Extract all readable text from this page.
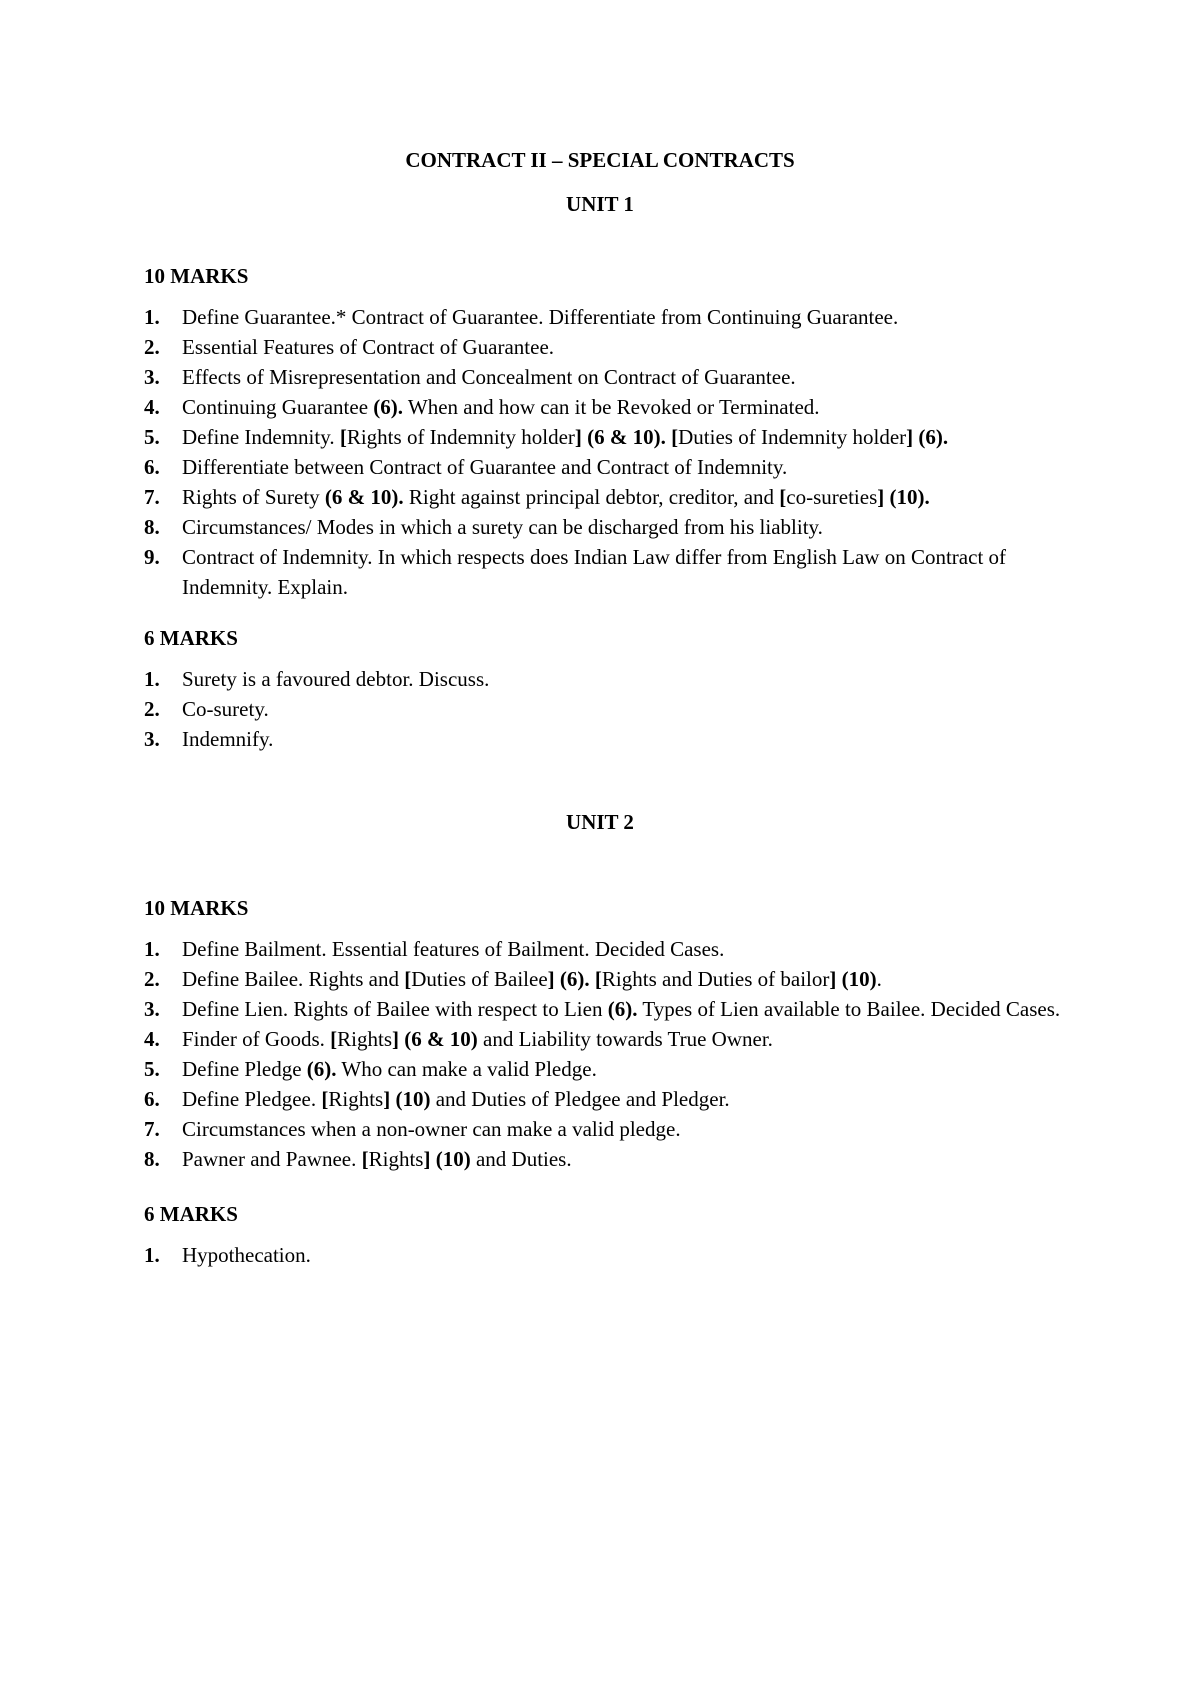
CONTRACT II – SPECIAL CONTRACTS
UNIT 1
10 MARKS
1. Define Guarantee.* Contract of Guarantee. Differentiate from Continuing Guarantee.
2. Essential Features of Contract of Guarantee.
3. Effects of Misrepresentation and Concealment on Contract of Guarantee.
4. Continuing Guarantee (6). When and how can it be Revoked or Terminated.
5. Define Indemnity. [Rights of Indemnity holder] (6 & 10). [Duties of Indemnity holder] (6).
6. Differentiate between Contract of Guarantee and Contract of Indemnity.
7. Rights of Surety (6 & 10). Right against principal debtor, creditor, and [co-sureties] (10).
8. Circumstances/ Modes in which a surety can be discharged from his liablity.
9. Contract of Indemnity. In which respects does Indian Law differ from English Law on Contract of Indemnity. Explain.
6 MARKS
1. Surety is a favoured debtor. Discuss.
2. Co-surety.
3. Indemnify.
UNIT 2
10 MARKS
1. Define Bailment. Essential features of Bailment. Decided Cases.
2. Define Bailee. Rights and [Duties of Bailee] (6). [Rights and Duties of bailor] (10).
3. Define Lien. Rights of Bailee with respect to Lien (6). Types of Lien available to Bailee. Decided Cases.
4. Finder of Goods. [Rights] (6 & 10) and Liability towards True Owner.
5. Define Pledge (6). Who can make a valid Pledge.
6. Define Pledgee. [Rights] (10) and Duties of Pledgee and Pledger.
7. Circumstances when a non-owner can make a valid pledge.
8. Pawner and Pawnee. [Rights] (10) and Duties.
6 MARKS
1. Hypothecation.
